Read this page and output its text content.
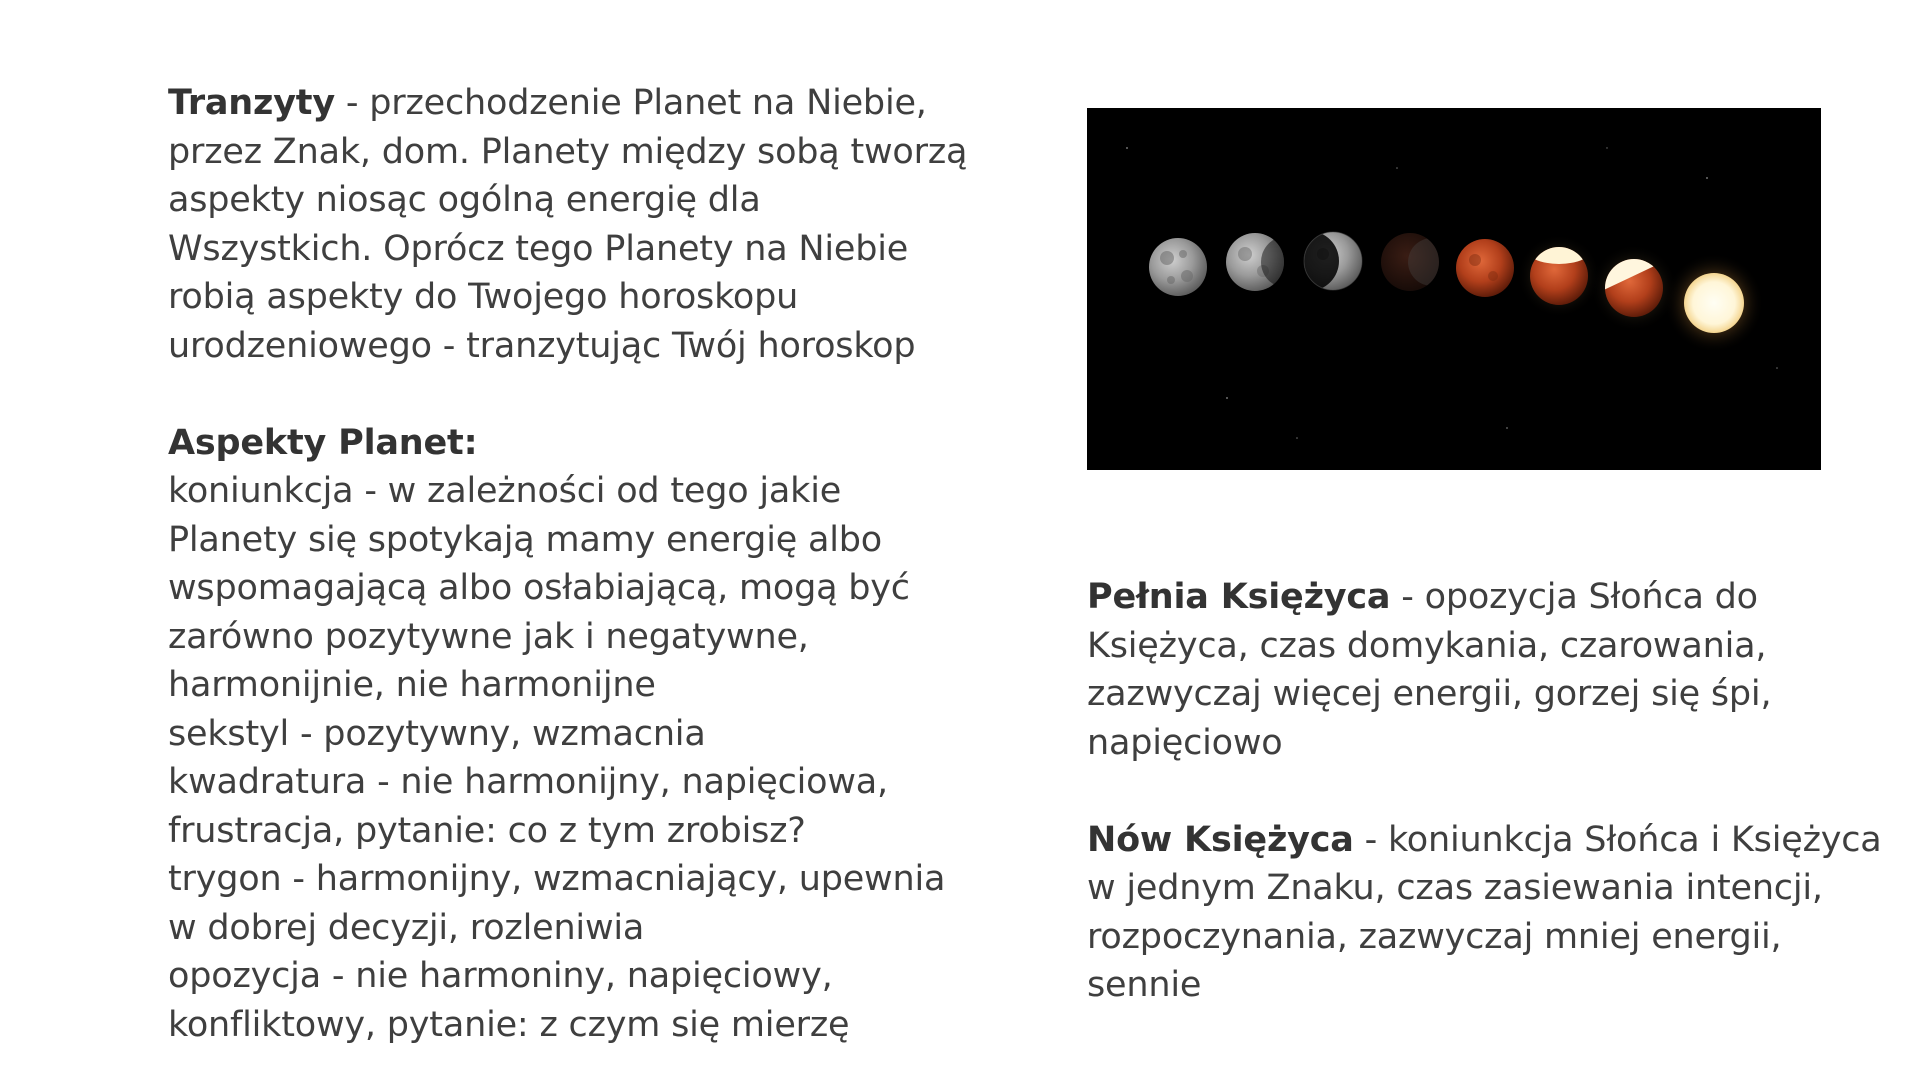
Tranzyty - przechodzenie Planet na Niebie,
przez Znak, dom. Planety między sobą tworzą
aspekty niosąc ogólną energię dla
Wszystkich. Oprócz tego Planety na Niebie
robią aspekty do Twojego horoskopu
urodzeniowego - tranzytując Twój horoskop
Aspekty Planet:
koniunkcja - w zależności od tego jakie
Planety się spotykają mamy energię albo
wspomagającą albo osłabiającą, mogą być
zarówno pozytywne jak i negatywne,
harmonijnie, nie harmonijne
sekstyl - pozytywny, wzmacnia
kwadratura - nie harmonijny, napięciowa,
frustracja, pytanie: co z tym zrobisz?
trygon - harmonijny, wzmacniający, upewnia
w dobrej decyzji, rozleniwia
opozycja - nie harmoniny, napięciowy,
konfliktowy, pytanie: z czym się mierzę
Pełnia Księżyca - opozycja Słońca do
Księżyca, czas domykania, czarowania,
zazwyczaj więcej energii, gorzej się śpi,
napięciowo
Nów Księżyca - koniunkcja Słońca i Księżyca
w jednym Znaku, czas zasiewania intencji,
rozpoczynania, zazwyczaj mniej energii,
sennie
